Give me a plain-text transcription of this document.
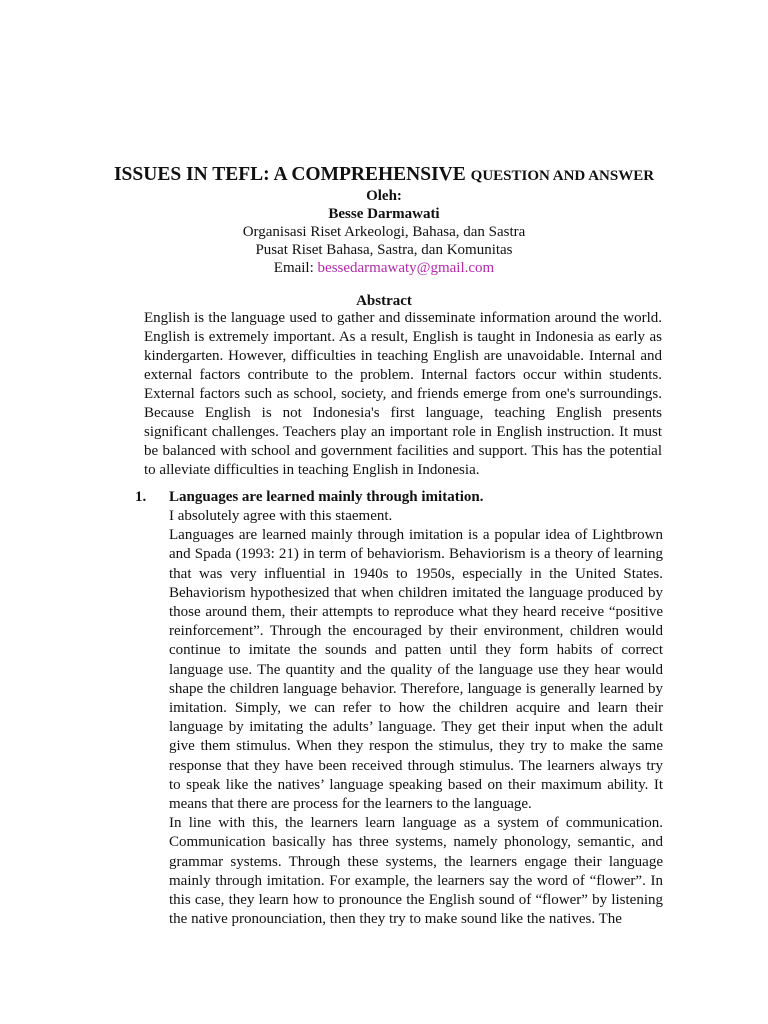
ISSUES IN TEFL: A COMPREHENSIVE QUESTION AND ANSWER

Oleh:

Besse Darmawati

Organisasi Riset Arkeologi, Bahasa, dan Sastra

Pusat Riset Bahasa, Sastra, dan Komunitas

Email: bessedarmawaty@gmail.com

Abstract

English is the language used to gather and disseminate information around the world. English is extremely important. As a result, English is taught in Indonesia as early as kindergarten. However, difficulties in teaching English are unavoidable. Internal and external factors contribute to the problem. Internal factors occur within students. External factors such as school, society, and friends emerge from one's surroundings. Because English is not Indonesia's first language, teaching English presents significant challenges. Teachers play an important role in English instruction. It must be balanced with school and government facilities and support. This has the potential to alleviate difficulties in teaching English in Indonesia.

1.	Languages are learned mainly through imitation.

I absolutely agree with this staement.

Languages are learned mainly through imitation is a popular idea of Lightbrown and Spada (1993: 21) in term of behaviorism. Behaviorism is a theory of learning that was very influential in 1940s to 1950s, especially in the United States. Behaviorism hypothesized that when children imitated the language produced by those around them, their attempts to reproduce what they heard receive “positive reinforcement”. Through the encouraged by their environment, children would continue to imitate the sounds and patten until they form habits of correct language use. The quantity and the quality of the language use they hear would shape the children language behavior. Therefore, language is generally learned by imitation. Simply, we can refer to how the children acquire and learn their language by imitating the adults’ language. They get their input when the adult give them stimulus. When they respon the stimulus, they try to make the same response that they have been received through stimulus. The learners always try to speak like the natives’ language speaking based on their maximum ability. It means that there are process for the learners to the language.

In line with this, the learners learn language as a system of communication. Communication basically has three systems, namely phonology, semantic, and grammar systems. Through these systems, the learners engage their language mainly through imitation. For example, the learners say the word of “flower”. In this case, they learn how to pronounce the English sound of “flower” by listening the native pronounciation, then they try to make sound like the natives. The
